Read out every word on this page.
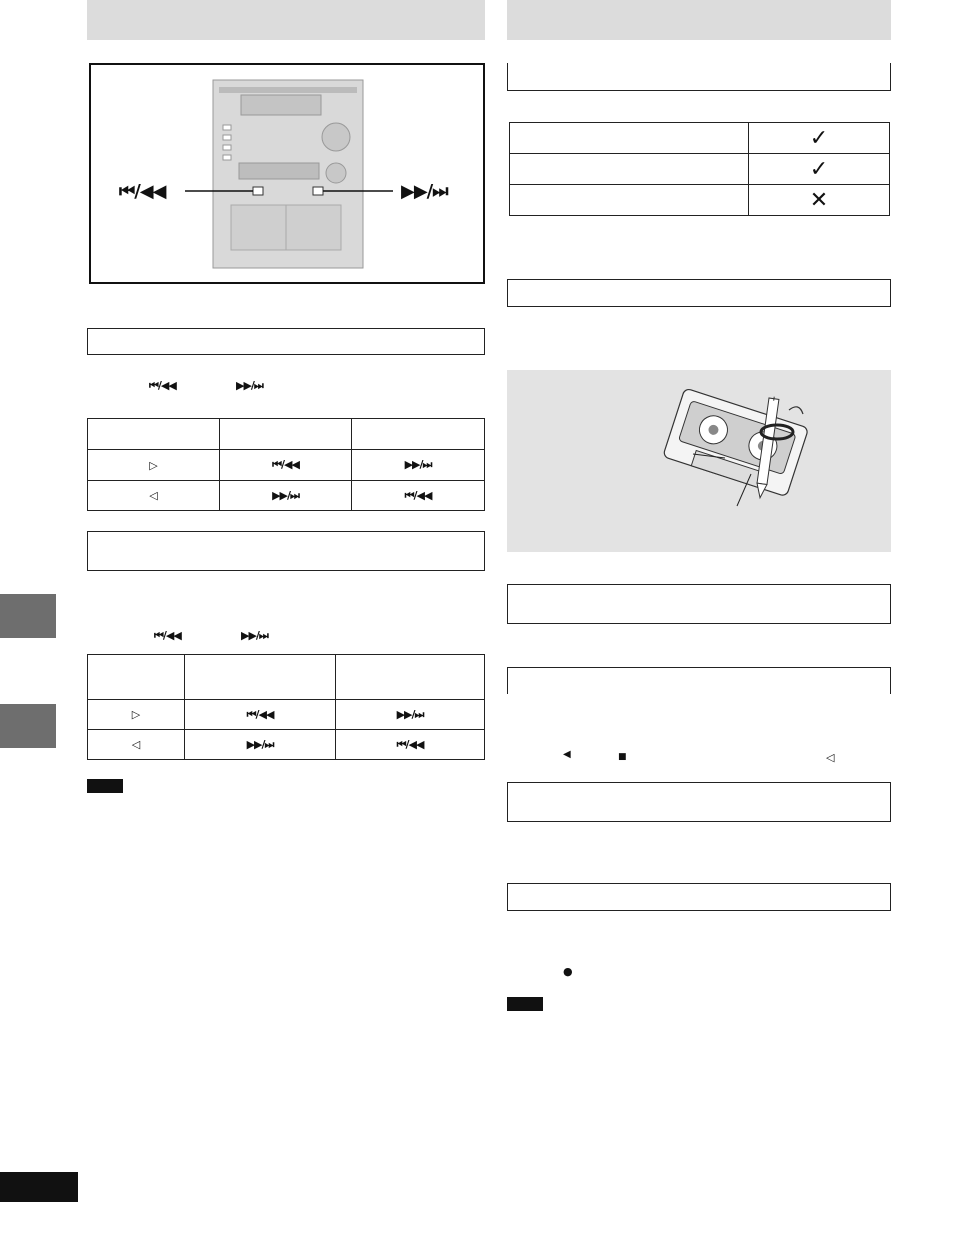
⏮/◀◀	▶▶/⏭
⏮/◀◀	▶▶/⏭

▷	⏮/◀◀	▶▶/⏭
◁	▶▶/⏭	⏮/◀◀
⏮/◀◀	▶▶/⏭

▷	⏮/◀◀	▶▶/⏭
◁	▶▶/⏭	⏮/◀◀
	✓
	✓
	✕
◀	■	◁
●
